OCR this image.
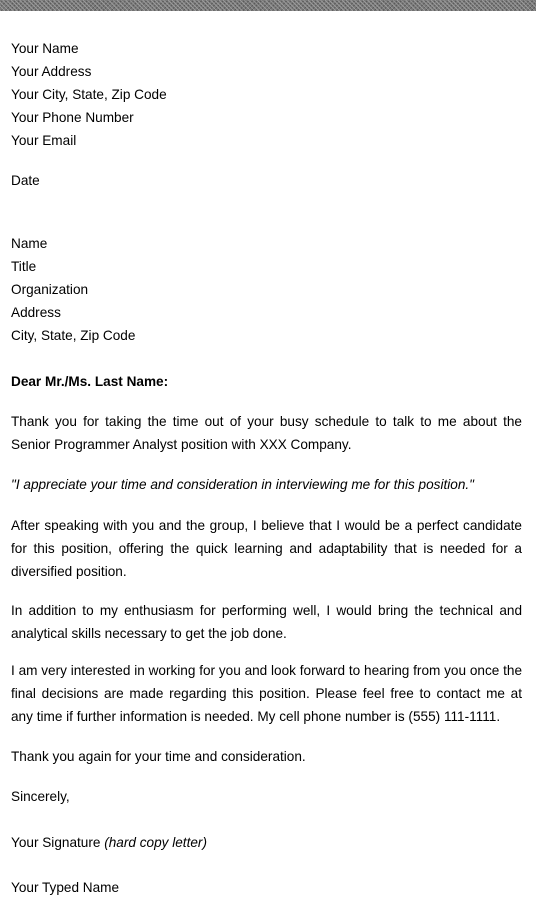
Your Name
Your Address
Your City, State, Zip Code
Your Phone Number
Your Email
Date
Name
Title
Organization
Address
City, State, Zip Code
Dear Mr./Ms. Last Name:
Thank you for taking the time out of your busy schedule to talk to me about the Senior Programmer Analyst position with XXX Company.
"I appreciate your time and consideration in interviewing me for this position."
After speaking with you and the group, I believe that I would be a perfect candidate for this position, offering the quick learning and adaptability that is needed for a diversified position.
In addition to my enthusiasm for performing well, I would bring the technical and analytical skills necessary to get the job done.
I am very interested in working for you and look forward to hearing from you once the final decisions are made regarding this position. Please feel free to contact me at any time if further information is needed. My cell phone number is (555) 111-1111.
Thank you again for your time and consideration.
Sincerely,
Your Signature (hard copy letter)
Your Typed Name
